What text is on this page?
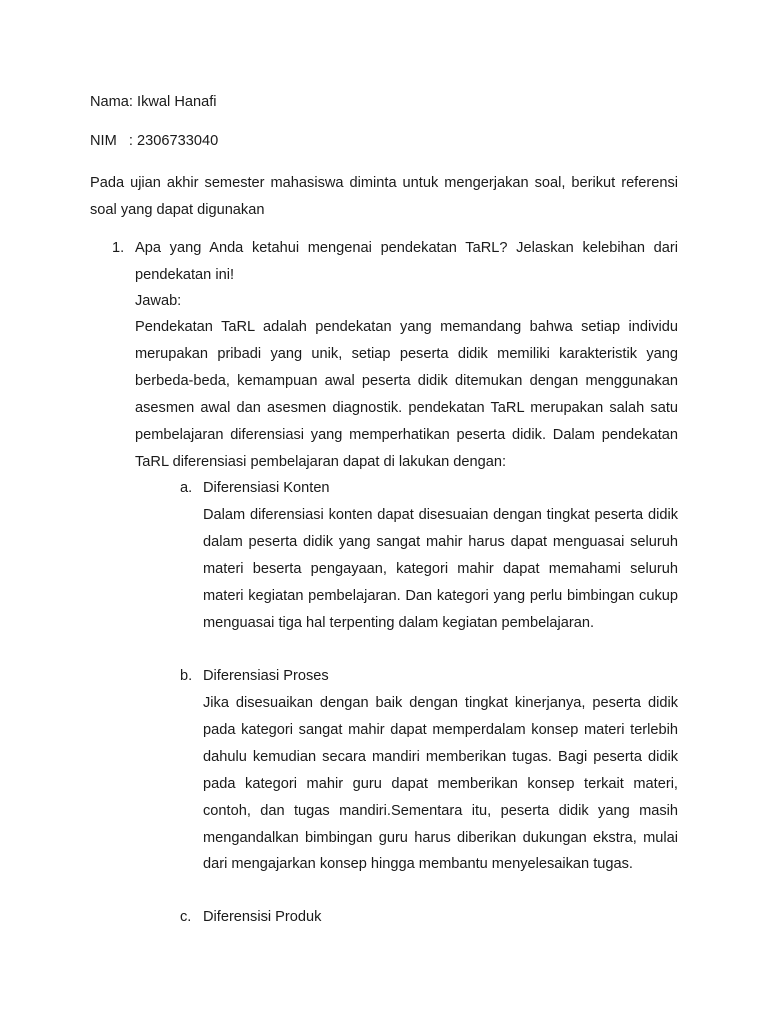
Nama: Ikwal Hanafi
NIM   : 2306733040

Pada ujian akhir semester mahasiswa diminta untuk mengerjakan soal, berikut referensi soal yang dapat digunakan

1. Apa yang Anda ketahui mengenai pendekatan TaRL? Jelaskan kelebihan dari pendekatan ini!

Jawab:

Pendekatan TaRL adalah pendekatan yang memandang bahwa setiap individu merupakan pribadi yang unik, setiap peserta didik memiliki karakteristik yang berbeda-beda, kemampuan awal peserta didik ditemukan dengan menggunakan asesmen awal dan asesmen diagnostik. pendekatan TaRL merupakan salah satu pembelajaran diferensiasi yang memperhatikan peserta didik. Dalam pendekatan TaRL diferensiasi pembelajaran dapat di lakukan dengan:

a. Diferensiasi Konten

Dalam diferensiasi konten dapat disesuaian dengan tingkat peserta didik dalam peserta didik yang sangat mahir harus dapat menguasai seluruh materi beserta pengayaan, kategori mahir dapat memahami seluruh materi kegiatan pembelajaran. Dan kategori yang perlu bimbingan cukup menguasai tiga hal terpenting dalam kegiatan pembelajaran.

b. Diferensiasi Proses

Jika disesuaikan dengan baik dengan tingkat kinerjanya, peserta didik pada kategori sangat mahir dapat memperdalam konsep materi terlebih dahulu kemudian secara mandiri memberikan tugas. Bagi peserta didik pada kategori mahir guru dapat memberikan konsep terkait materi, contoh, dan tugas mandiri.Sementara itu, peserta didik yang masih mengandalkan bimbingan guru harus diberikan dukungan ekstra, mulai dari mengajarkan konsep hingga membantu menyelesaikan tugas.

c. Diferensisi Produk
